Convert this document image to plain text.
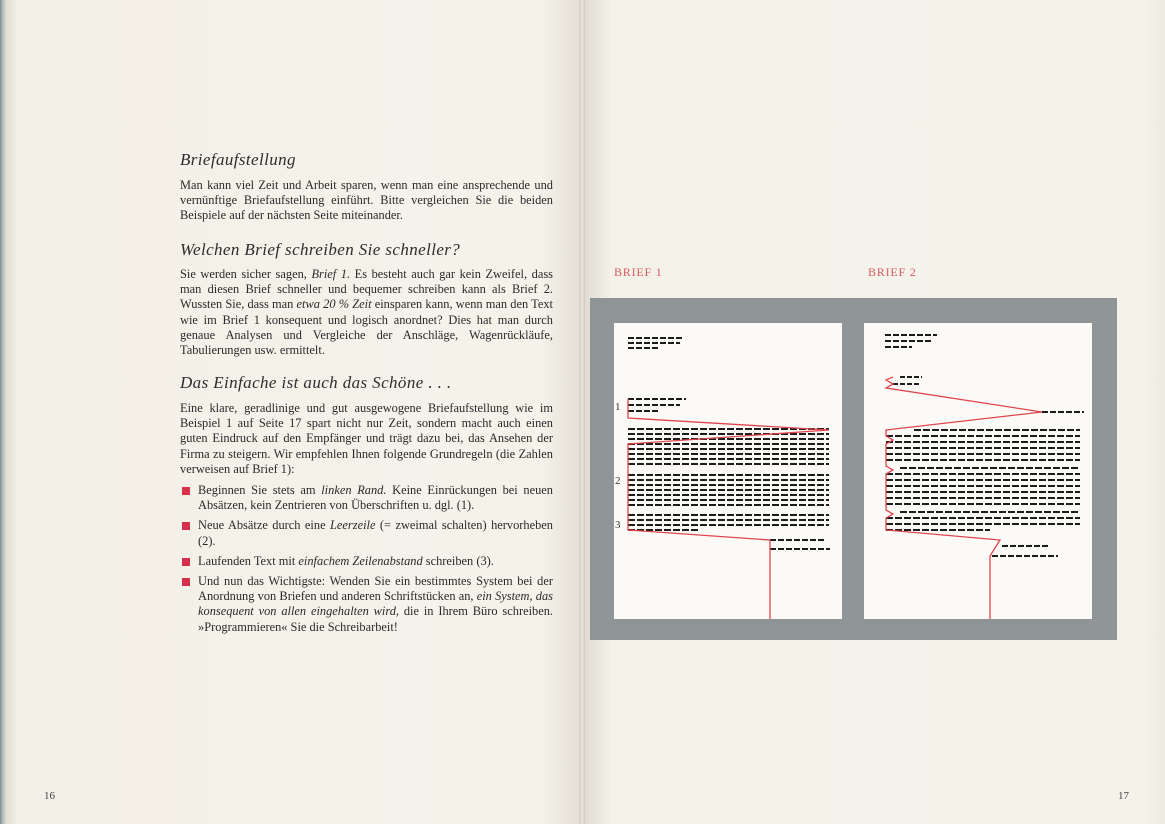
Briefaufstellung

Man kann viel Zeit und Arbeit sparen, wenn man eine ansprechende und vernünftige Briefaufstellung einführt. Bitte vergleichen Sie die beiden Beispiele auf der nächsten Seite miteinander.

Welchen Brief schreiben Sie schneller?

Sie werden sicher sagen, Brief 1. Es besteht auch gar kein Zweifel, dass man diesen Brief schneller und bequemer schreiben kann als Brief 2. Wussten Sie, dass man etwa 20 % Zeit einsparen kann, wenn man den Text wie im Brief 1 konsequent und logisch anordnet? Dies hat man durch genaue Analysen und Vergleiche der Anschläge, Wagenrückläufe, Tabulierungen usw. ermittelt.

Das Einfache ist auch das Schöne . . .

Eine klare, geradlinige und gut ausgewogene Briefaufstellung wie im Beispiel 1 auf Seite 17 spart nicht nur Zeit, sondern macht auch einen guten Eindruck auf den Empfänger und trägt dazu bei, das Ansehen der Firma zu steigern. Wir empfehlen Ihnen folgende Grundregeln (die Zahlen verweisen auf Brief 1):

Beginnen Sie stets am linken Rand. Keine Einrückungen bei neuen Absätzen, kein Zentrieren von Überschriften u. dgl. (1).
Neue Absätze durch eine Leerzeile (= zweimal schalten) hervorheben (2).
Laufenden Text mit einfachem Zeilenabstand schreiben (3).
Und nun das Wichtigste: Wenden Sie ein bestimmtes System bei der Anordnung von Briefen und anderen Schriftstücken an, ein System, das konsequent von allen eingehalten wird, die in Ihrem Büro schreiben. »Programmieren« Sie die Schreibarbeit!
16
BRIEF 1	BRIEF 2
1
2
3
17
